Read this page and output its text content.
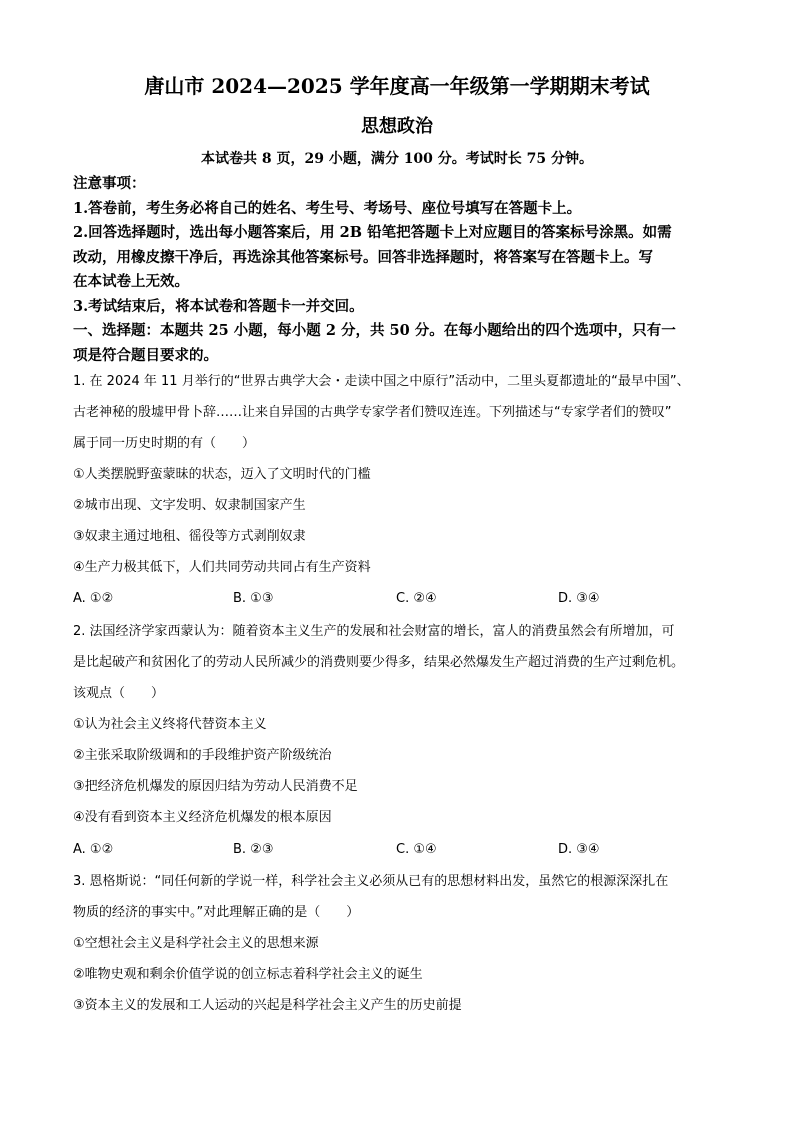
唐山市 2024—2025 学年度高一年级第一学期期末考试
思想政治
本试卷共 8 页，29 小题，满分 100 分。考试时长 75 分钟。
注意事项：
1.答卷前，考生务必将自己的姓名、考生号、考场号、座位号填写在答题卡上。
2.回答选择题时，选出每小题答案后，用 2B 铅笔把答题卡上对应题目的答案标号涂黑。如需
改动，用橡皮擦干净后，再选涂其他答案标号。回答非选择题时，将答案写在答题卡上。写
在本试卷上无效。
3.考试结束后，将本试卷和答题卡一并交回。
一、选择题：本题共 25 小题，每小题 2 分，共 50 分。在每小题给出的四个选项中，只有一
项是符合题目要求的。
1. 在 2024 年 11 月举行的“世界古典学大会・走读中国之中原行”活动中，二里头夏都遗址的“最早中国”、
古老神秘的殷墟甲骨卜辞……让来自异国的古典学专家学者们赞叹连连。下列描述与“专家学者们的赞叹”
属于同一历史时期的有（　　）
①人类摆脱野蛮蒙昧的状态，迈入了文明时代的门槛
②城市出现、文字发明、奴隶制国家产生
③奴隶主通过地租、徭役等方式剥削奴隶
④生产力极其低下，人们共同劳动共同占有生产资料
A. ①②	B. ①③	C. ②④	D. ③④
2. 法国经济学家西蒙认为：随着资本主义生产的发展和社会财富的增长，富人的消费虽然会有所增加，可
是比起破产和贫困化了的劳动人民所减少的消费则要少得多，结果必然爆发生产超过消费的生产过剩危机。
该观点（　　）
①认为社会主义终将代替资本主义
②主张采取阶级调和的手段维护资产阶级统治
③把经济危机爆发的原因归结为劳动人民消费不足
④没有看到资本主义经济危机爆发的根本原因
A. ①②	B. ②③	C. ①④	D. ③④
3. 恩格斯说：“同任何新的学说一样，科学社会主义必须从已有的思想材料出发，虽然它的根源深深扎在
物质的经济的事实中。”对此理解正确的是（　　）
①空想社会主义是科学社会主义的思想来源
②唯物史观和剩余价值学说的创立标志着科学社会主义的诞生
③资本主义的发展和工人运动的兴起是科学社会主义产生的历史前提
